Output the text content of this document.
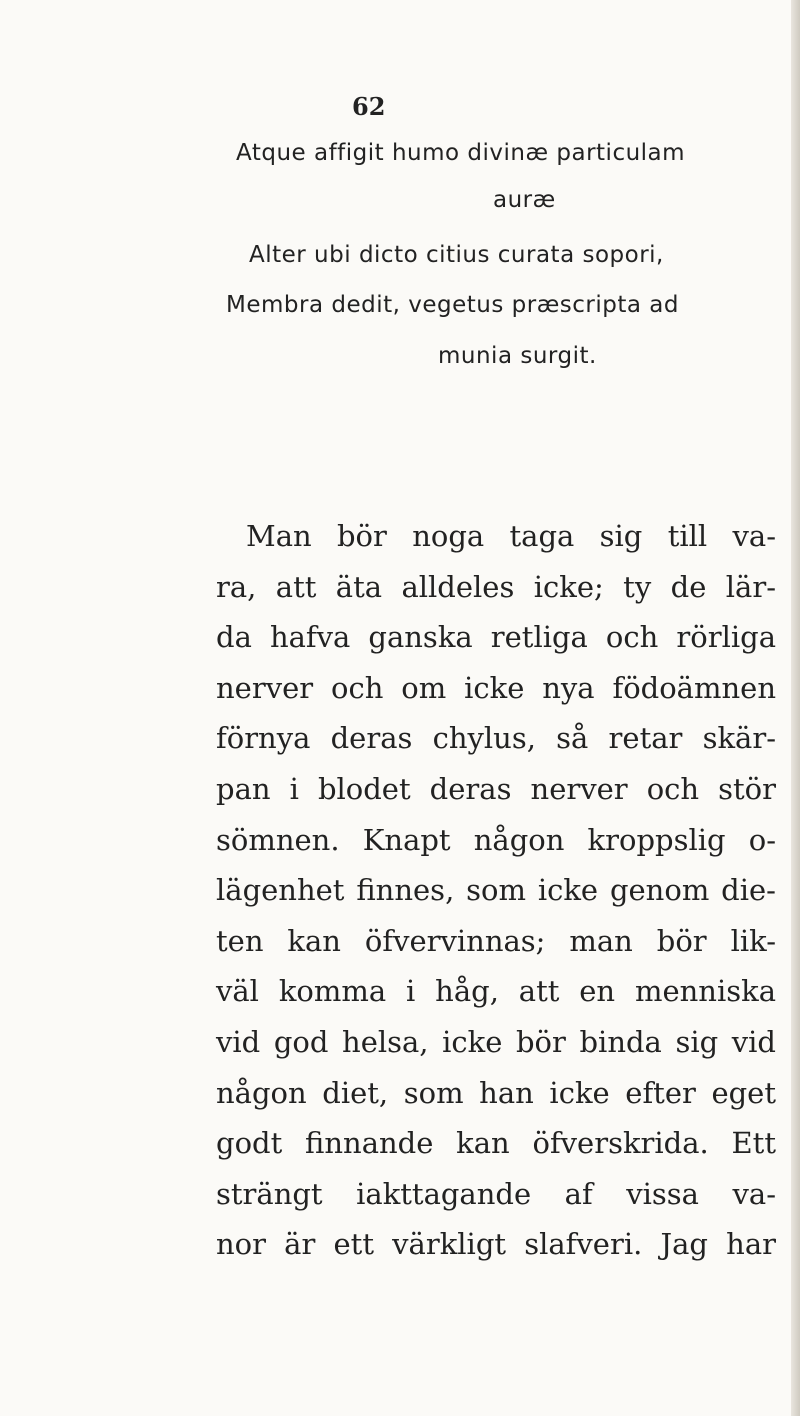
62
Atque affigit humo divinæ particulam
auræ
Alter ubi dicto citius curata sopori,
Membra dedit, vegetus præscripta ad
munia surgit.
Man bör noga taga sig till va-
ra, att äta alldeles icke; ty de lär-
da hafva ganska retliga och rörliga
nerver och om icke nya födoämnen
förnya deras chylus, så retar skär-
pan i blodet deras nerver och stör
sömnen. Knapt någon kroppslig o-
lägenhet finnes, som icke genom die-
ten kan öfvervinnas; man bör lik-
väl komma i håg, att en menniska
vid god helsa, icke bör binda sig vid
någon diet, som han icke efter eget
godt finnande kan öfverskrida. Ett
strängt iakttagande af vissa va-
nor är ett värkligt slafveri. Jag har
